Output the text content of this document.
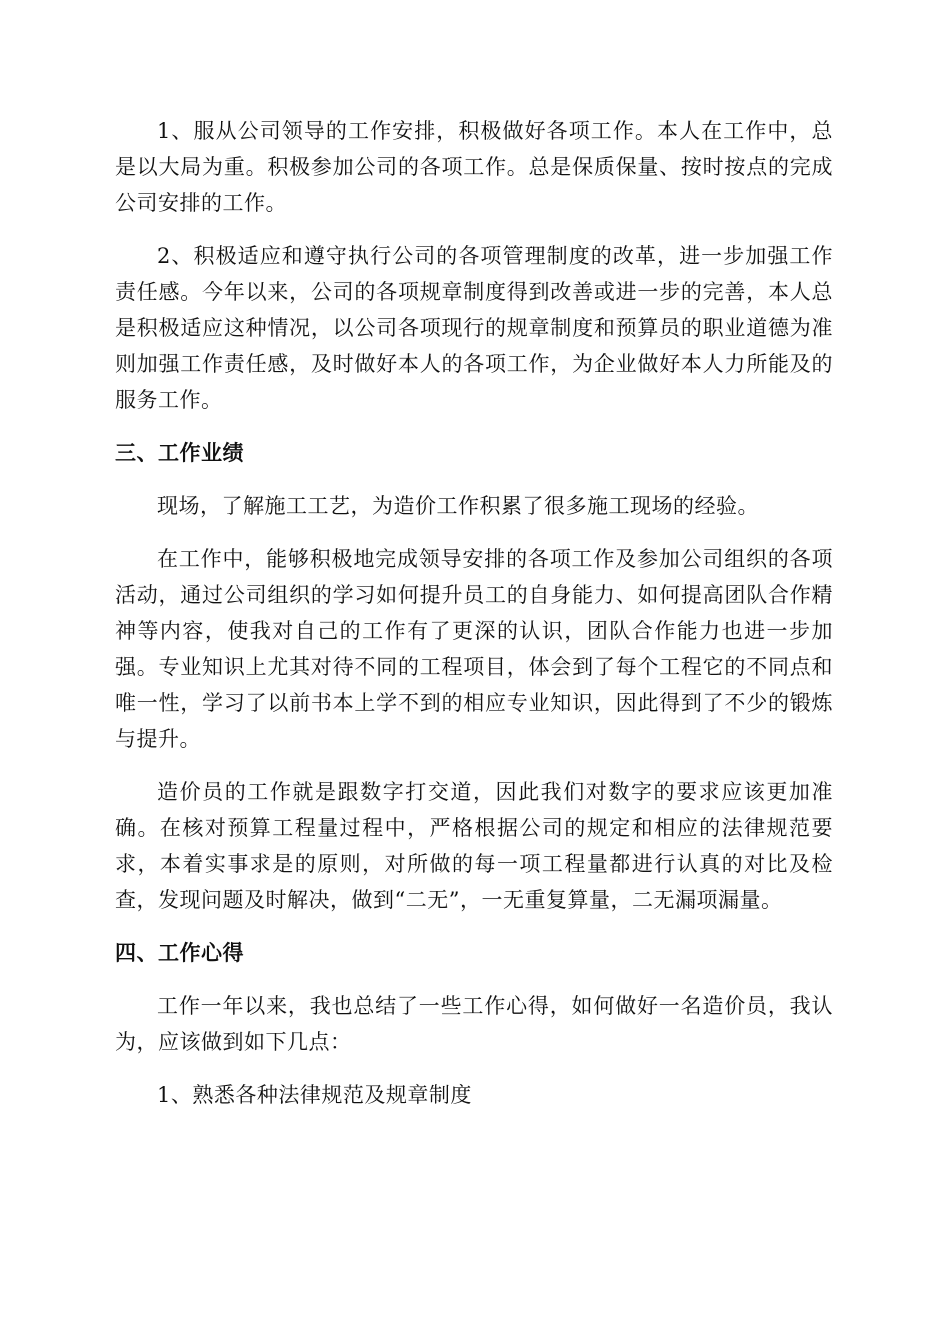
1、服从公司领导的工作安排，积极做好各项工作。本人在工作中，总是以大局为重。积极参加公司的各项工作。总是保质保量、按时按点的完成公司安排的工作。

2、积极适应和遵守执行公司的各项管理制度的改革，进一步加强工作责任感。今年以来，公司的各项规章制度得到改善或进一步的完善，本人总是积极适应这种情况，以公司各项现行的规章制度和预算员的职业道德为准则加强工作责任感，及时做好本人的各项工作，为企业做好本人力所能及的服务工作。

三、工作业绩

现场，了解施工工艺，为造价工作积累了很多施工现场的经验。

在工作中，能够积极地完成领导安排的各项工作及参加公司组织的各项活动，通过公司组织的学习如何提升员工的自身能力、如何提高团队合作精神等内容，使我对自己的工作有了更深的认识，团队合作能力也进一步加强。专业知识上尤其对待不同的工程项目，体会到了每个工程它的不同点和唯一性，学习了以前书本上学不到的相应专业知识，因此得到了不少的锻炼与提升。

造价员的工作就是跟数字打交道，因此我们对数字的要求应该更加准确。在核对预算工程量过程中，严格根据公司的规定和相应的法律规范要求，本着实事求是的原则，对所做的每一项工程量都进行认真的对比及检查，发现问题及时解决，做到“二无”，一无重复算量，二无漏项漏量。

四、工作心得

工作一年以来，我也总结了一些工作心得，如何做好一名造价员，我认为，应该做到如下几点：

1、熟悉各种法律规范及规章制度
